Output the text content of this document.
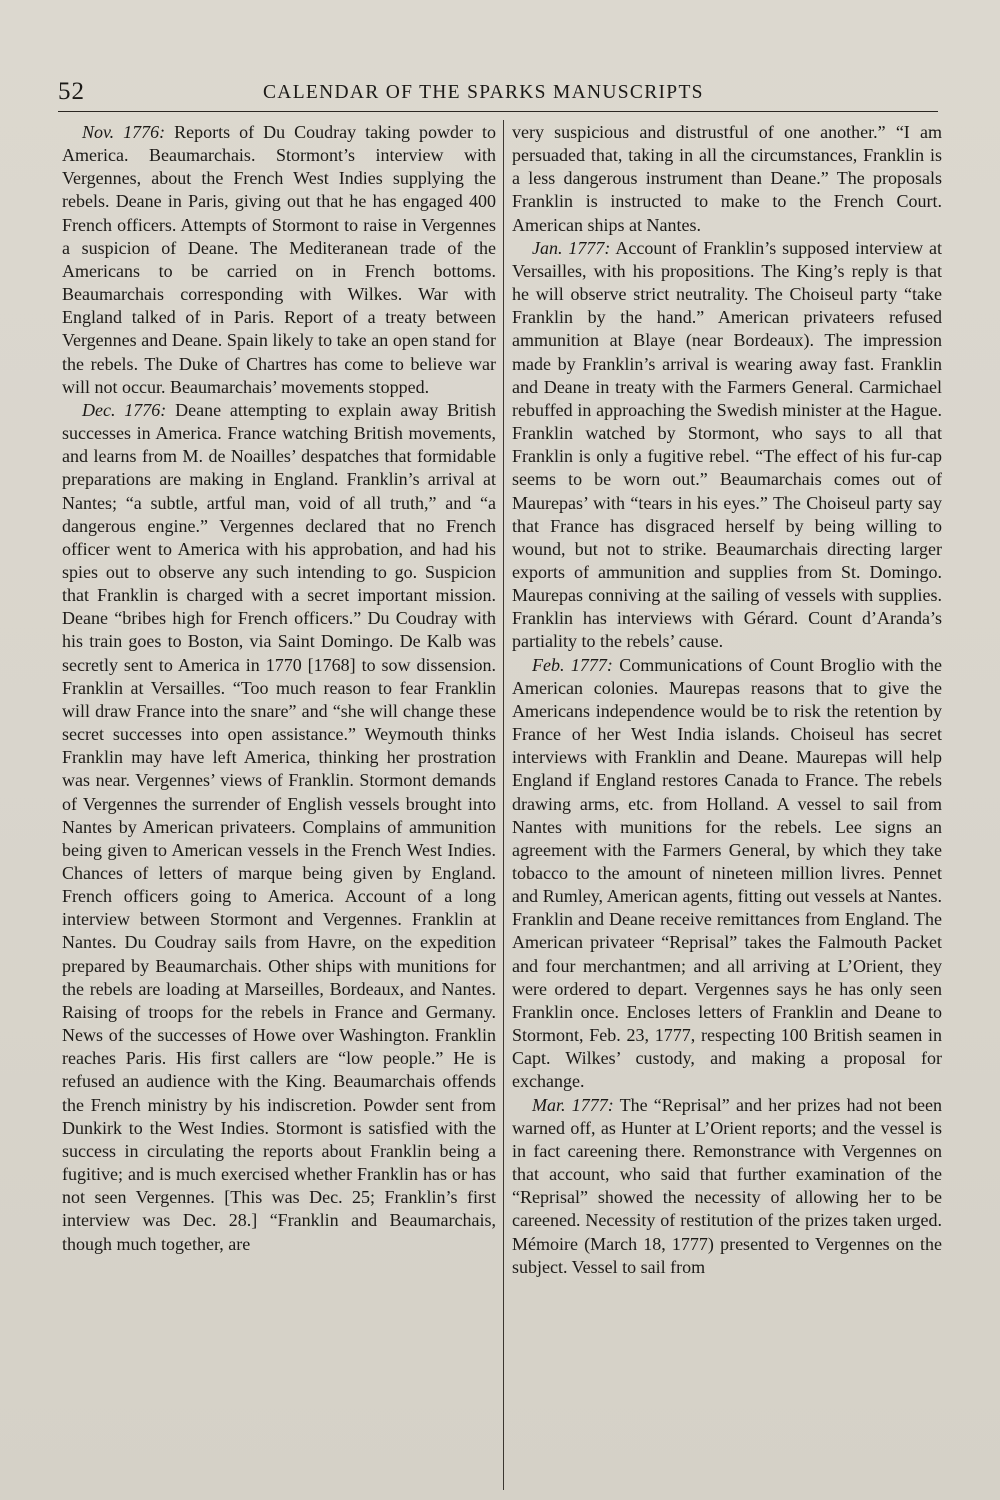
52	CALENDAR OF THE SPARKS MANUSCRIPTS

Nov. 1776: Reports of Du Coudray taking powder to America. Beaumarchais. Stormont’s interview with Vergennes, about the French West Indies supplying the rebels. Deane in Paris, giving out that he has engaged 400 French officers. Attempts of Stormont to raise in Vergennes a suspicion of Deane. The Mediteranean trade of the Americans to be carried on in French bottoms. Beaumarchais corresponding with Wilkes. War with England talked of in Paris. Report of a treaty between Vergennes and Deane. Spain likely to take an open stand for the rebels. The Duke of Chartres has come to believe war will not occur. Beaumarchais’ movements stopped.

Dec. 1776: Deane attempting to explain away British successes in America. France watching British movements, and learns from M. de Noailles’ despatches that formidable preparations are making in England. Franklin’s arrival at Nantes; “a subtle, artful man, void of all truth,” and “a dangerous engine.” Vergennes declared that no French officer went to America with his approbation, and had his spies out to observe any such intending to go. Suspicion that Franklin is charged with a secret important mission. Deane “bribes high for French officers.” Du Coudray with his train goes to Boston, via Saint Domingo. De Kalb was secretly sent to America in 1770 [1768] to sow dissension. Franklin at Versailles. “Too much reason to fear Franklin will draw France into the snare” and “she will change these secret successes into open assistance.” Weymouth thinks Franklin may have left America, thinking her prostration was near. Vergennes’ views of Franklin. Stormont demands of Vergennes the surrender of English vessels brought into Nantes by American privateers. Complains of ammunition being given to American vessels in the French West Indies. Chances of letters of marque being given by England. French officers going to America. Account of a long interview between Stormont and Vergennes. Franklin at Nantes. Du Coudray sails from Havre, on the expedition prepared by Beaumarchais. Other ships with munitions for the rebels are loading at Marseilles, Bordeaux, and Nantes. Raising of troops for the rebels in France and Germany. News of the successes of Howe over Washington. Franklin reaches Paris. His first callers are “low people.” He is refused an audience with the King. Beaumarchais offends the French ministry by his indiscretion. Powder sent from Dunkirk to the West Indies. Stormont is satisfied with the success in circulating the reports about Franklin being a fugitive; and is much exercised whether Franklin has or has not seen Vergennes. [This was Dec. 25; Franklin’s first interview was Dec. 28.] “Franklin and Beaumarchais, though much together, are

very suspicious and distrustful of one another.” “I am persuaded that, taking in all the circumstances, Franklin is a less dangerous instrument than Deane.” The proposals Franklin is instructed to make to the French Court. American ships at Nantes.

Jan. 1777: Account of Franklin’s supposed interview at Versailles, with his propositions. The King’s reply is that he will observe strict neutrality. The Choiseul party “take Franklin by the hand.” American privateers refused ammunition at Blaye (near Bordeaux). The impression made by Franklin’s arrival is wearing away fast. Franklin and Deane in treaty with the Farmers General. Carmichael rebuffed in approaching the Swedish minister at the Hague. Franklin watched by Stormont, who says to all that Franklin is only a fugitive rebel. “The effect of his fur-cap seems to be worn out.” Beaumarchais comes out of Maurepas’ with “tears in his eyes.” The Choiseul party say that France has disgraced herself by being willing to wound, but not to strike. Beaumarchais directing larger exports of ammunition and supplies from St. Domingo. Maurepas conniving at the sailing of vessels with supplies. Franklin has interviews with Gérard. Count d’Aranda’s partiality to the rebels’ cause.

Feb. 1777: Communications of Count Broglio with the American colonies. Maurepas reasons that to give the Americans independence would be to risk the retention by France of her West India islands. Choiseul has secret interviews with Franklin and Deane. Maurepas will help England if England restores Canada to France. The rebels drawing arms, etc. from Holland. A vessel to sail from Nantes with munitions for the rebels. Lee signs an agreement with the Farmers General, by which they take tobacco to the amount of nineteen million livres. Pennet and Rumley, American agents, fitting out vessels at Nantes. Franklin and Deane receive remittances from England. The American privateer “Reprisal” takes the Falmouth Packet and four merchantmen; and all arriving at L’Orient, they were ordered to depart. Vergennes says he has only seen Franklin once. Encloses letters of Franklin and Deane to Stormont, Feb. 23, 1777, respecting 100 British seamen in Capt. Wilkes’ custody, and making a proposal for exchange.

Mar. 1777: The “Reprisal” and her prizes had not been warned off, as Hunter at L’Orient reports; and the vessel is in fact careening there. Remonstrance with Vergennes on that account, who said that further examination of the “Reprisal” showed the necessity of allowing her to be careened. Necessity of restitution of the prizes taken urged. Mémoire (March 18, 1777) presented to Vergennes on the subject. Vessel to sail from
